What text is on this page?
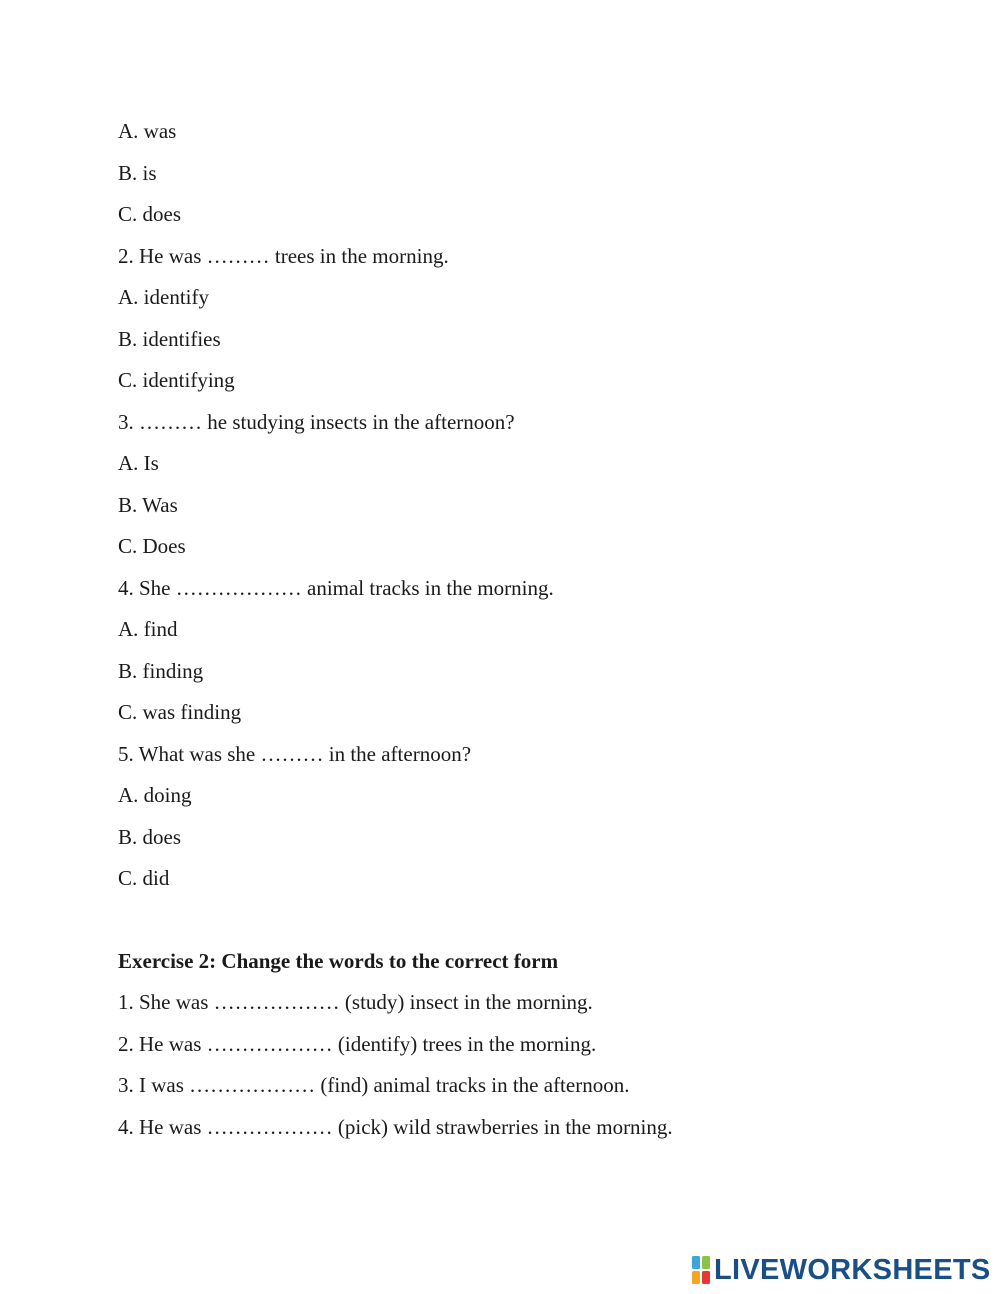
A. was
B. is
C. does
2. He was ……… trees in the morning.
A. identify
B. identifies
C. identifying
3. ……… he studying insects in the afternoon?
A. Is
B. Was
C. Does
4. She ……………… animal tracks in the morning.
A. find
B. finding
C. was finding
5. What was she ……… in the afternoon?
A. doing
B. does
C. did
Exercise 2: Change the words to the correct form
1. She was ……………… (study) insect in the morning.
2. He was ……………… (identify) trees in the morning.
3. I was ……………… (find) animal tracks in the afternoon.
4. He was ……………… (pick) wild strawberries in the morning.
LIVEWORKSHEETS
